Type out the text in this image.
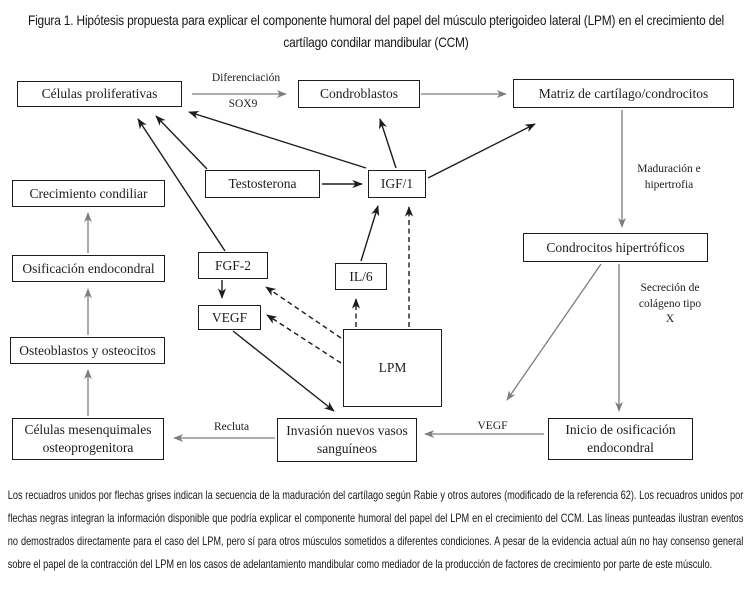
Figura 1. Hipótesis propuesta para explicar el componente humoral del papel del músculo pterigoideo lateral (LPM) en el crecimiento del
cartílago condilar mandibular (CCM)
Células proliferativas	Condroblastos	Matriz de cartílago/condrocitos
Crecimiento condiliar
Testosterona	IGF/1
Osificación endocondral	FGF-2
IL/6
VEGF
Condrocitos hipertróficos
LPM
Osteoblastos y osteocitos
Células mesenquimales osteoprogenitora
Invasión nuevos vasos sanguíneos
Inicio de osificación endocondral
Diferenciación
SOX9
Maduración e hipertrofia
Secreción de colágeno tipo X
VEGF
Recluta
Los recuadros unidos por flechas grises indican la secuencia de la maduración del cartílago según Rabie y otros autores (modificado de la referencia 62). Los recuadros unidos por flechas negras integran la información disponible que podría explicar el componente humoral del papel del LPM en el crecimiento del CCM. Las líneas punteadas ilustran eventos no demostrados directamente para el caso del LPM, pero sí para otros músculos sometidos a diferentes condiciones. A pesar de la evidencia actual aún no hay consenso general sobre el papel de la contracción del LPM en los casos de adelantamiento mandibular como mediador de la producción de factores de crecimiento por parte de este músculo.
